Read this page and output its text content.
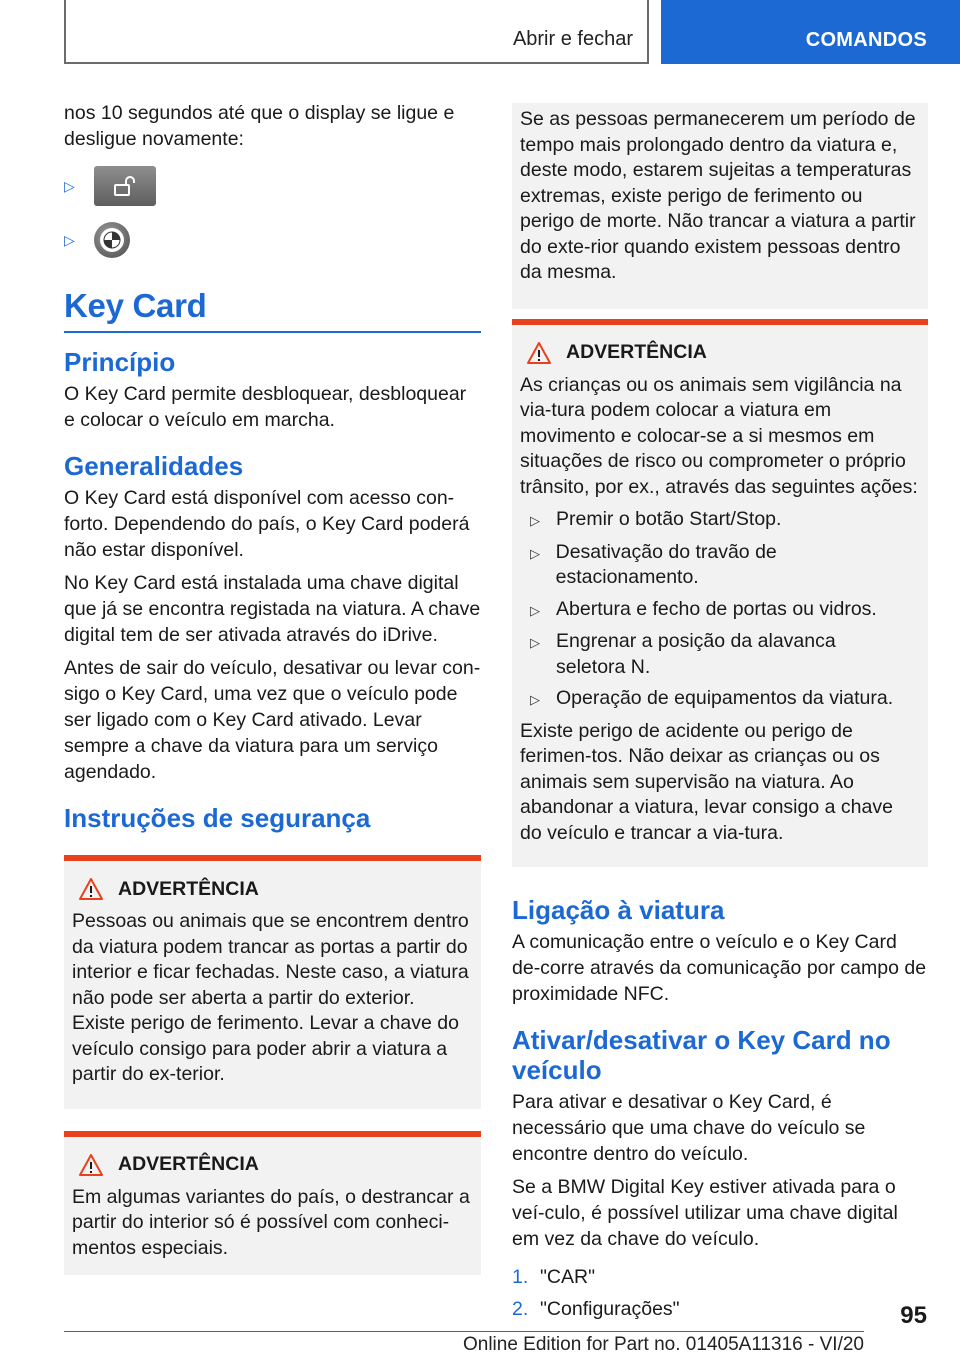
Abrir e fechar	COMANDOS

nos 10 segundos até que o display se ligue e desligue novamente:

▷
▷
Key Card
Princípio

O Key Card permite desbloquear, desbloquear e colocar o veículo em marcha.

Generalidades

O Key Card está disponível com acesso con-forto. Dependendo do país, o Key Card poderá não estar disponível.

No Key Card está instalada uma chave digital que já se encontra registada na viatura. A chave digital tem de ser ativada através do iDrive.

Antes de sair do veículo, desativar ou levar con-sigo o Key Card, uma vez que o veículo pode ser ligado com o Key Card ativado. Levar sempre a chave da viatura para um serviço agendado.

Instruções de segurança
ADVERTÊNCIA

Pessoas ou animais que se encontrem dentro da viatura podem trancar as portas a partir do interior e ficar fechadas. Neste caso, a viatura não pode ser aberta a partir do exterior. Existe perigo de ferimento. Levar a chave do veículo consigo para poder abrir a viatura a partir do ex-terior.

ADVERTÊNCIA

Em algumas variantes do país, o destrancar a partir do interior só é possível com conheci-mentos especiais.

Se as pessoas permanecerem um período de tempo mais prolongado dentro da viatura e, deste modo, estarem sujeitas a temperaturas extremas, existe perigo de ferimento ou perigo de morte. Não trancar a viatura a partir do exte-rior quando existem pessoas dentro da mesma.

ADVERTÊNCIA

As crianças ou os animais sem vigilância na via-tura podem colocar a viatura em movimento e colocar-se a si mesmos em situações de risco ou comprometer o próprio trânsito, por ex., através das seguintes ações:

▷ Premir o botão Start/Stop.
▷ Desativação do travão de estacionamento.
▷ Abertura e fecho de portas ou vidros.
▷ Engrenar a posição da alavanca seletora N.
▷ Operação de equipamentos da viatura.

Existe perigo de acidente ou perigo de ferimen-tos. Não deixar as crianças ou os animais sem supervisão na viatura. Ao abandonar a viatura, levar consigo a chave do veículo e trancar a via-tura.

Ligação à viatura

A comunicação entre o veículo e o Key Card de-corre através da comunicação por campo de proximidade NFC.

Ativar/desativar o Key Card no veículo

Para ativar e desativar o Key Card, é necessário que uma chave do veículo se encontre dentro do veículo.

Se a BMW Digital Key estiver ativada para o veí-culo, é possível utilizar uma chave digital em vez da chave do veículo.

1. "CAR"
2. "Configurações"	95
Online Edition for Part no. 01405A11316 - VI/20
